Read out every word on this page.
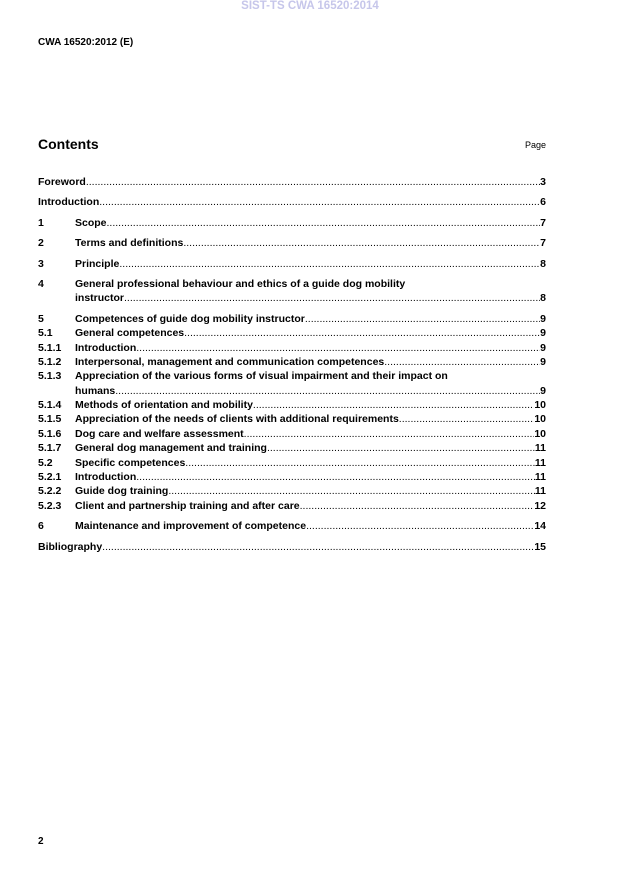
SIST-TS CWA 16520:2014
CWA 16520:2012 (E)
Contents	Page
Foreword .....	3
Introduction .....	6
1	Scope .....	7
2	Terms and definitions .....	7
3	Principle .....	8
4	General professional behaviour and ethics of a guide dog mobility
instructor .....	8
5	Competences of guide dog mobility instructor .....	9
5.1	General competences .....	9
5.1.1	Introduction .....	9
5.1.2	Interpersonal, management and communication competences .....	9
5.1.3	Appreciation of the various forms of visual impairment and their impact on
humans .....	9
5.1.4	Methods of orientation and mobility .....	10
5.1.5	Appreciation of the needs of clients with additional requirements .....	10
5.1.6	Dog care and welfare assessment .....	10
5.1.7	General dog management and training .....	11
5.2	Specific competences .....	11
5.2.1	Introduction .....	11
5.2.2	Guide dog training .....	11
5.2.3	Client and partnership training and after care .....	12
6	Maintenance and improvement of competence .....	14
Bibliography .....	15
2
